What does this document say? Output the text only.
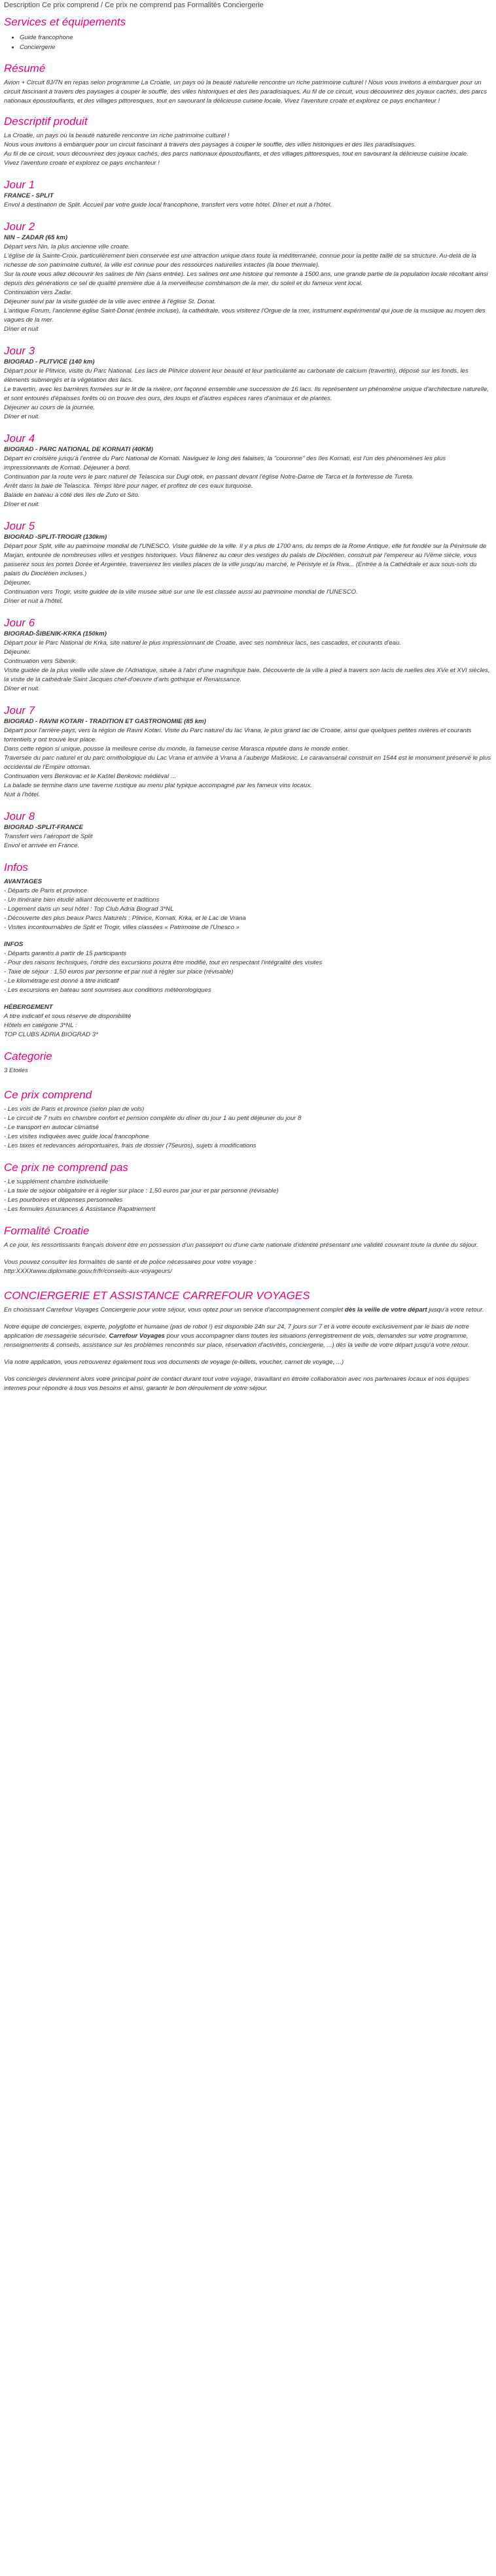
Description Ce prix comprend / Ce prix ne comprend pas Formalités Conciergerie
Services et équipements
• Guide francophone
• Conciergerie
Résumé

Avion + Circuit 8J/7N en repas selon programme La Croatie, un pays où la beauté naturelle rencontre un riche patrimoine culturel ! Nous vous invitons à embarquer pour un circuit fascinant à travers des paysages à couper le souffle, des villes historiques et des îles paradisiaques. Au fil de ce circuit, vous découvrirez des joyaux cachés, des parcs nationaux époustouflants, et des villages pittoresques, tout en savourant la délicieuse cuisine locale. Vivez l'aventure croate et explorez ce pays enchanteur !

Descriptif produit

La Croatie, un pays où la beauté naturelle rencontre un riche patrimoine culturel !

Nous vous invitons à embarquer pour un circuit fascinant à travers des paysages à couper le souffle, des villes historiques et des îles paradisiaques.

Au fil de ce circuit, vous découvrirez des joyaux cachés, des parcs nationaux époustouflants, et des villages pittoresques, tout en savourant la délicieuse cuisine locale.

Vivez l'aventure croate et explorez ce pays enchanteur !

Jour 1

FRANCE - SPLIT

Envol à destination de Split. Accueil par votre guide local francophone, transfert vers votre hôtel. Dîner et nuit à l'hôtel.

Jour 2

NIN – ZADAR (65 km)

Départ vers Nin, la plus ancienne ville croate.

L'église de la Sainte-Croix, particulièrement bien conservée est une attraction unique dans toute la méditerranée, connue pour la petite taille de sa structure. Au-delà de la richesse de son patrimoine culturel, la ville est connue pour des ressources naturelles intactes (la boue thermale).

Sur la route vous allez découvrir les salines de Nin (sans entrée). Les salines ont une histoire qui remonte à 1500 ans, une grande partie de la population locale récoltant ainsi depuis des générations ce sel de qualité première due à la merveilleuse combinaison de la mer, du soleil et du fameux vent local.

Continuation vers Zadar.

Déjeuner suivi par la visite guidée de la ville avec entrée à l'église St. Donat.

L'antique Forum, l'ancienne église Saint-Donat (entrée incluse), la cathédrale, vous visiterez l'Orgue de la mer, instrument expérimental qui joue de la musique au moyen des vagues de la mer.

Dîner et nuit

Jour 3

BIOGRAD - PLITVICE (140 km)

Départ pour le Plitvice, visite du Parc National. Les lacs de Plitvice doivent leur beauté et leur particularité au carbonate de calcium (travertin), déposé sur les fonds, les éléments submergés et la végétation des lacs.

Le travertin, avec les barrières formées sur le lit de la rivière, ont façonné ensemble une succession de 16 lacs. Ils représentent un phénomène unique d'architecture naturelle, et sont entourés d'épaisses forêts où on trouve des ours, des loups et d'autres espèces rares d'animaux et de plantes.

Déjeuner au cours de la journée.

Dîner et nuit.

Jour 4

BIOGRAD - PARC NATIONAL DE KORNATI (40KM)

Départ en croisière jusqu'à l'entrée du Parc National de Kornati. Naviguez le long des falaises, la "couronne" des îles Kornati, est l'un des phénomènes les plus impressionnants de Kornati. Déjeuner à bord.

Continuation par la route vers le parc naturel de Telascica sur Dugi otok, en passant devant l'église Notre-Dame de Tarca et la forteresse de Tureta.

Arrêt dans la baie de Telascica. Temps libre pour nager, et profitez de ces eaux turquoise.

Balade en bateau à côté des îles de Zuto et Sito.

Dîner et nuit.

Jour 5

BIOGRAD -SPLIT-TROGIR (130km)

Départ pour Split, ville au patrimoine mondial de l'UNESCO. Visite guidée de la ville. Il y a plus de 1700 ans, du temps de la Rome Antique, elle fut fondée sur la Péninsule de Marjan, entourée de nombreuses villes et vestiges historiques. Vous flânerez au cœur des vestiges du palais de Dioclétien, construit par l'empereur au IVème siècle, vous passerez sous les portes Dorée et Argentée, traverserez les vieilles places de la ville jusqu'au marché, le Péristyle et la Riva... (Entrée à la Cathédrale et aux sous-sols du palais du Dioclétien incluses.)

Déjeuner.

Continuation vers Trogir, visite guidée de la ville musée situé sur une île est classée aussi au patrimoine mondial de l'UNESCO.

Dîner et nuit à l'hôtel.

Jour 6

BIOGRAD-ŠIBENIK-KRKA (150km)

Départ pour le Parc National de Krka, site naturel le plus impressionnant de Croatie, avec ses nombreux lacs, ses cascades, et courants d'eau.

Déjeuner.

Continuation vers Sibenik.

Visite guidée de la plus vieille ville slave de l'Adriatique, située à l'abri d'une magnifique baie. Découverte de la ville à pied à travers son lacis de ruelles des XVe et XVI siècles, la visite de la cathédrale Saint Jacques chef-d'oeuvre d'arts gothique et Renaissance.

Dîner et nuit.

Jour 7

BIOGRAD - RAVNI KOTARI - TRADITION ET GASTRONOMIE (85 km)

Départ pour l'arrière-pays, vers la région de Ravni Kotari. Visite du Parc naturel du lac Vrana, le plus grand lac de Croatie, ainsi que quelques petites rivières et courants torrentiels y ont trouvé leur place.

Dans cette région si unique, pousse la meilleure cerise du monde, la fameuse cerise Marasca réputée dans le monde entier.

Traversée du parc naturel et du parc ornithologique du Lac Vrana et arrivée à Vrana à l'auberge Maškovic. Le caravansérail construit en 1544 est le monument préservé le plus occidental de l'Empire ottoman.

Continuation vers Benkovac et le Kaštel Benkovic médiéval ...

La balade se termine dans une taverne rustique au menu plat typique accompagné par les fameux vins locaux.

Nuit à l'hôtel.

Jour 8

BIOGRAD -SPLIT-FRANCE

Transfert vers l'aéroport de Split

Envol et arrivée en France.

Infos

AVANTAGES

- Départs de Paris et province

- Un itinéraire bien étudié alliant découverte et traditions

- Logement dans un seul hôtel : Top Club Adria Biograd 3*NL

- Découverte des plus beaux Parcs Naturels : Plitvice, Kornati, Krka, et le Lac de Vrana

- Visites incontournables de Split et Trogir, villes classées « Patrimoine de l'Unesco »

INFOS

- Départs garantis à partir de 15 participants

- Pour des raisons techniques, l'ordre des excursions pourra être modifié, tout en respectant l'intégralité des visites

- Taxe de séjour : 1,50 euros par personne et par nuit à régler sur place (révisable)

- Le kilométrage est donné à titre indicatif

- Les excursions en bateau sont soumises aux conditions météorologiques

HÉBERGEMENT

A titre indicatif et sous réserve de disponibilité

Hôtels en catégorie 3*NL :

TOP CLUBS ADRIA BIOGRAD 3*

Categorie

3 Etoiles

Ce prix comprend

- Les vols de Paris et province (selon plan de vols)

- Le circuit de 7 nuits en chambre confort et pension complète du dîner du jour 1 au petit déjeuner du jour 8

- Le transport en autocar climatisé

- Les visites indiquées avec guide local francophone

- Les taxes et redevances aéroportuaires, frais de dossier (75euros), sujets à modifications

Ce prix ne comprend pas

- Le supplément chambre individuelle

- La taxe de séjour obligatoire et à régler sur place : 1,50 euros par jour et par personne (révisable)

- Les pourboires et dépenses personnelles

- Les formules Assurances & Assistance Rapatriement

Formalité Croatie

A ce jour, les ressortissants français doivent être en possession d'un passeport ou d'une carte nationale d'identité présentant une validité couvrant toute la durée du séjour.

Vous pouvez consulter les formalités de santé et de police nécessaires pour votre voyage :

http:XXXXwww.diplomatie.gouv.fr/fr/conseils-aux-voyageurs/

CONCIERGERIE ET ASSISTANCE CARREFOUR VOYAGES

En choisissant Carrefour Voyages Conciergerie pour votre séjour, vous optez pour un service d'accompagnement complet dès la veille de votre départ jusqu'à votre retour.

Notre équipe de concierges, experte, polyglotte et humaine (pas de robot !) est disponible 24h sur 24, 7 jours sur 7 et à votre écoute exclusivement par le biais de notre application de messagerie sécurisée, Carrefour Voyages pour vous accompagner dans toutes les situations (enregistrement de vols, demandes sur votre programme, renseignements & conseils, assistance sur les problèmes rencontrés sur place, réservation d'activités, conciergerie, ...) dès la veille de votre départ jusqu'à votre retour.

Via notre application, vous retrouverez également tous vos documents de voyage (e-billets, voucher, carnet de voyage, ...)

Vos concierges deviennent alors votre principal point de contact durant tout votre voyage, travaillant en étroite collaboration avec nos partenaires locaux et nos équipes internes pour répondre à tous vos besoins et ainsi, garantir le bon déroulement de votre séjour.
